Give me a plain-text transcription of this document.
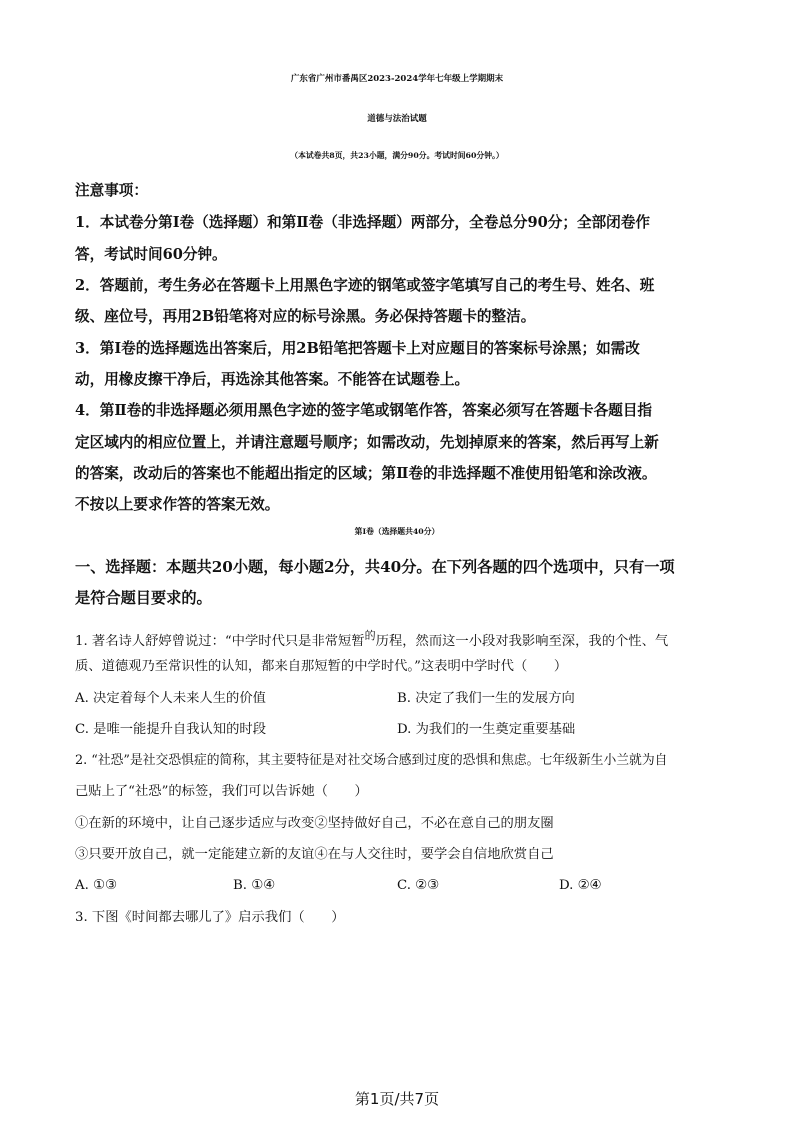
广东省广州市番禺区2023-2024学年七年级上学期期末
道德与法治试题
（本试卷共8页，共23小题，满分90分。考试时间60分钟。）
注意事项：
1．本试卷分第Ⅰ卷（选择题）和第Ⅱ卷（非选择题）两部分，全卷总分90分；全部闭卷作
答，考试时间60分钟。
2．答题前，考生务必在答题卡上用黑色字迹的钢笔或签字笔填写自己的考生号、姓名、班
级、座位号，再用2B铅笔将对应的标号涂黑。务必保持答题卡的整洁。
3．第Ⅰ卷的选择题选出答案后，用2B铅笔把答题卡上对应题目的答案标号涂黑；如需改
动，用橡皮擦干净后，再选涂其他答案。不能答在试题卷上。
4．第Ⅱ卷的非选择题必须用黑色字迹的签字笔或钢笔作答，答案必须写在答题卡各题目指
定区域内的相应位置上，并请注意题号顺序；如需改动，先划掉原来的答案，然后再写上新
的答案，改动后的答案也不能超出指定的区域；第Ⅱ卷的非选择题不准使用铅笔和涂改液。
不按以上要求作答的答案无效。
第Ⅰ卷（选择题共40分）
一、选择题：本题共20小题，每小题2分，共40分。在下列各题的四个选项中，只有一项
是符合题目要求的。
1. 著名诗人舒婷曾说过：“中学时代只是非常短暂$^的$历程，然而这一小段对我影响至深，我的个性、气
质、道德观乃至常识性的认知，都来自那短暂的中学时代。”这表明中学时代（　　）
A. 决定着每个人未来人生的价值	B. 决定了我们一生的发展方向
C. 是唯一能提升自我认知的时段	D. 为我们的一生奠定重要基础
2. “社恐”是社交恐惧症的简称，其主要特征是对社交场合感到过度的恐惧和焦虑。七年级新生小兰就为自
己贴上了“社恐”的标签，我们可以告诉她（　　）
①在新的环境中，让自己逐步适应与改变②坚持做好自己，不必在意自己的朋友圈
③只要开放自己，就一定能建立新的友谊④在与人交往时，要学会自信地欣赏自己
A. ①③	B. ①④	C. ②③	D. ②④
3. 下图《时间都去哪儿了》启示我们（　　）
第1页/共7页
